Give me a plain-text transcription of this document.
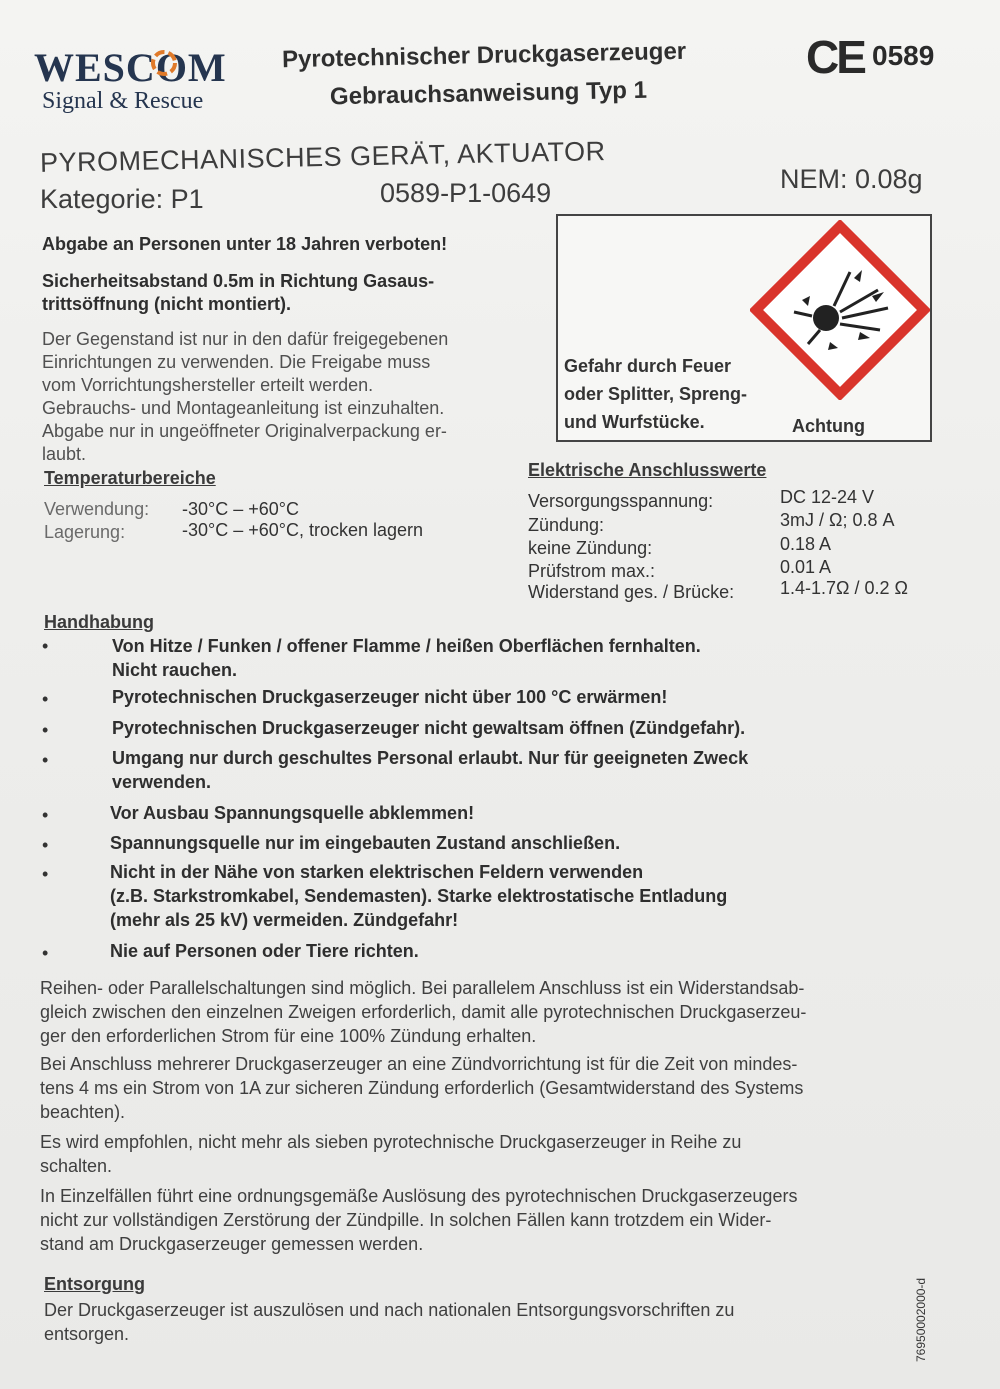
WESCOM
Signal & Rescue
Pyrotechnischer Druckgaserzeuger
Gebrauchsanweisung Typ 1
CE 0589
PYROMECHANISCHES GERÄT, AKTUATOR
Kategorie: P1	0589-P1-0649	NEM: 0.08g
Abgabe an Personen unter 18 Jahren verboten!
Sicherheitsabstand 0.5m in Richtung Gasaus-
trittsöffnung (nicht montiert).
Der Gegenstand ist nur in den dafür freigegebenen
Einrichtungen zu verwenden. Die Freigabe muss
vom Vorrichtungshersteller erteilt werden.
Gebrauchs- und Montageanleitung ist einzuhalten.
Abgabe nur in ungeöffneter Originalverpackung er-
laubt.
Gefahr durch Feuer
oder Splitter, Spreng-
und Wurfstücke.	Achtung
Temperaturbereiche
Verwendung: -30°C – +60°C
Lagerung:	-30°C – +60°C, trocken lagern
Elektrische Anschlusswerte
Versorgungsspannung:	DC 12-24 V
Zündung:	3mJ / Ω; 0.8 A
keine Zündung:	0.18 A
Prüfstrom max.:	0.01 A
Widerstand ges. / Brücke:	1.4-1.7Ω / 0.2 Ω
Handhabung
•	Von Hitze / Funken / offener Flamme / heißen Oberflächen fernhalten.
Nicht rauchen.
•	Pyrotechnischen Druckgaserzeuger nicht über 100 °C erwärmen!
•	Pyrotechnischen Druckgaserzeuger nicht gewaltsam öffnen (Zündgefahr).
•	Umgang nur durch geschultes Personal erlaubt. Nur für geeigneten Zweck
verwenden.
•	Vor Ausbau Spannungsquelle abklemmen!
•	Spannungsquelle nur im eingebauten Zustand anschließen.
•	Nicht in der Nähe von starken elektrischen Feldern verwenden
(z.B. Starkstromkabel, Sendemasten). Starke elektrostatische Entladung
(mehr als 25 kV) vermeiden. Zündgefahr!
•	Nie auf Personen oder Tiere richten.
Reihen- oder Parallelschaltungen sind möglich. Bei parallelem Anschluss ist ein Widerstandsab-
gleich zwischen den einzelnen Zweigen erforderlich, damit alle pyrotechnischen Druckgaserzeu-
ger den erforderlichen Strom für eine 100% Zündung erhalten.
Bei Anschluss mehrerer Druckgaserzeuger an eine Zündvorrichtung ist für die Zeit von mindes-
tens 4 ms ein Strom von 1A zur sicheren Zündung erforderlich (Gesamtwiderstand des Systems
beachten).
Es wird empfohlen, nicht mehr als sieben pyrotechnische Druckgaserzeuger in Reihe zu
schalten.
In Einzelfällen führt eine ordnungsgemäße Auslösung des pyrotechnischen Druckgaserzeugers
nicht zur vollständigen Zerstörung der Zündpille. In solchen Fällen kann trotzdem ein Wider-
stand am Druckgaserzeuger gemessen werden.
Entsorgung
Der Druckgaserzeuger ist auszulösen und nach nationalen Entsorgungsvorschriften zu
entsorgen.	76950002000-d
